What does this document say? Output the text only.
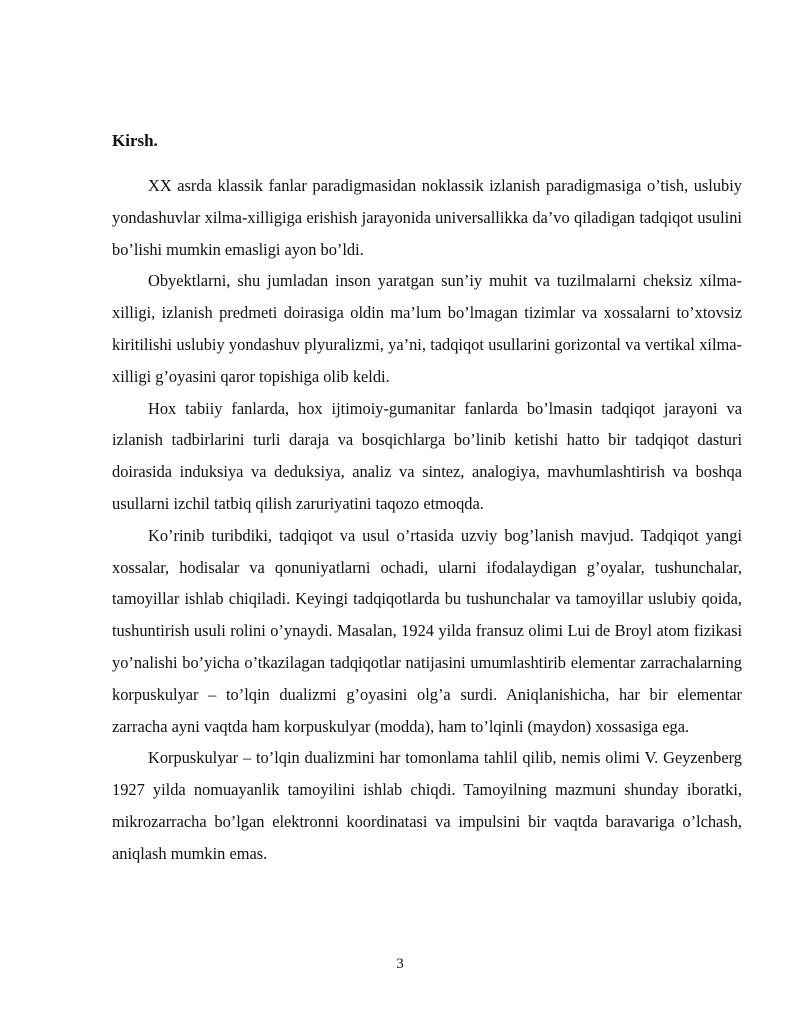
Kirsh.

XX asrda klassik fanlar paradigmasidan noklassik izlanish paradigmasiga o’tish, uslubiy yondashuvlar xilma-xilligiga erishish jarayonida universallikka da’vo qiladigan tadqiqot usulini bo’lishi mumkin emasligi ayon bo’ldi.

Obyektlarni, shu jumladan inson yaratgan sun’iy muhit va tuzilmalarni cheksiz xilma-xilligi, izlanish predmeti doirasiga oldin ma’lum bo’lmagan tizimlar va xossalarni to’xtovsiz kiritilishi uslubiy yondashuv plyuralizmi, ya’ni, tadqiqot usullarini gorizontal va vertikal xilma-xilligi g’oyasini qaror topishiga olib keldi.

Hox tabiiy fanlarda, hox ijtimoiy-gumanitar fanlarda bo’lmasin tadqiqot jarayoni va izlanish tadbirlarini turli daraja va bosqichlarga bo’linib ketishi hatto bir tadqiqot dasturi doirasida induksiya va deduksiya, analiz va sintez, analogiya, mavhumlashtirish va boshqa usullarni izchil tatbiq qilish zaruriyatini taqozo etmoqda.

Ko’rinib turibdiki, tadqiqot va usul o’rtasida uzviy bog’lanish mavjud. Tadqiqot yangi xossalar, hodisalar va qonuniyatlarni ochadi, ularni ifodalaydigan g’oyalar, tushunchalar, tamoyillar ishlab chiqiladi. Keyingi tadqiqotlarda bu tushunchalar va tamoyillar uslubiy qoida, tushuntirish usuli rolini o’ynaydi. Masalan, 1924 yilda fransuz olimi Lui de Broyl atom fizikasi yo’nalishi bo’yicha o’tkazilagan tadqiqotlar natijasini umumlashtirib elementar zarrachalarning korpuskulyar – to’lqin dualizmi g’oyasini olg’a surdi. Aniqlanishicha, har bir elementar zarracha ayni vaqtda ham korpuskulyar (modda), ham to’lqinli (maydon) xossasiga ega.

Korpuskulyar – to’lqin dualizmini har tomonlama tahlil qilib, nemis olimi V. Geyzenberg 1927 yilda nomuayanlik tamoyilini ishlab chiqdi. Tamoyilning mazmuni shunday iboratki, mikrozarracha bo’lgan elektronni koordinatasi va impulsini bir vaqtda baravariga o’lchash, aniqlash mumkin emas.

3
